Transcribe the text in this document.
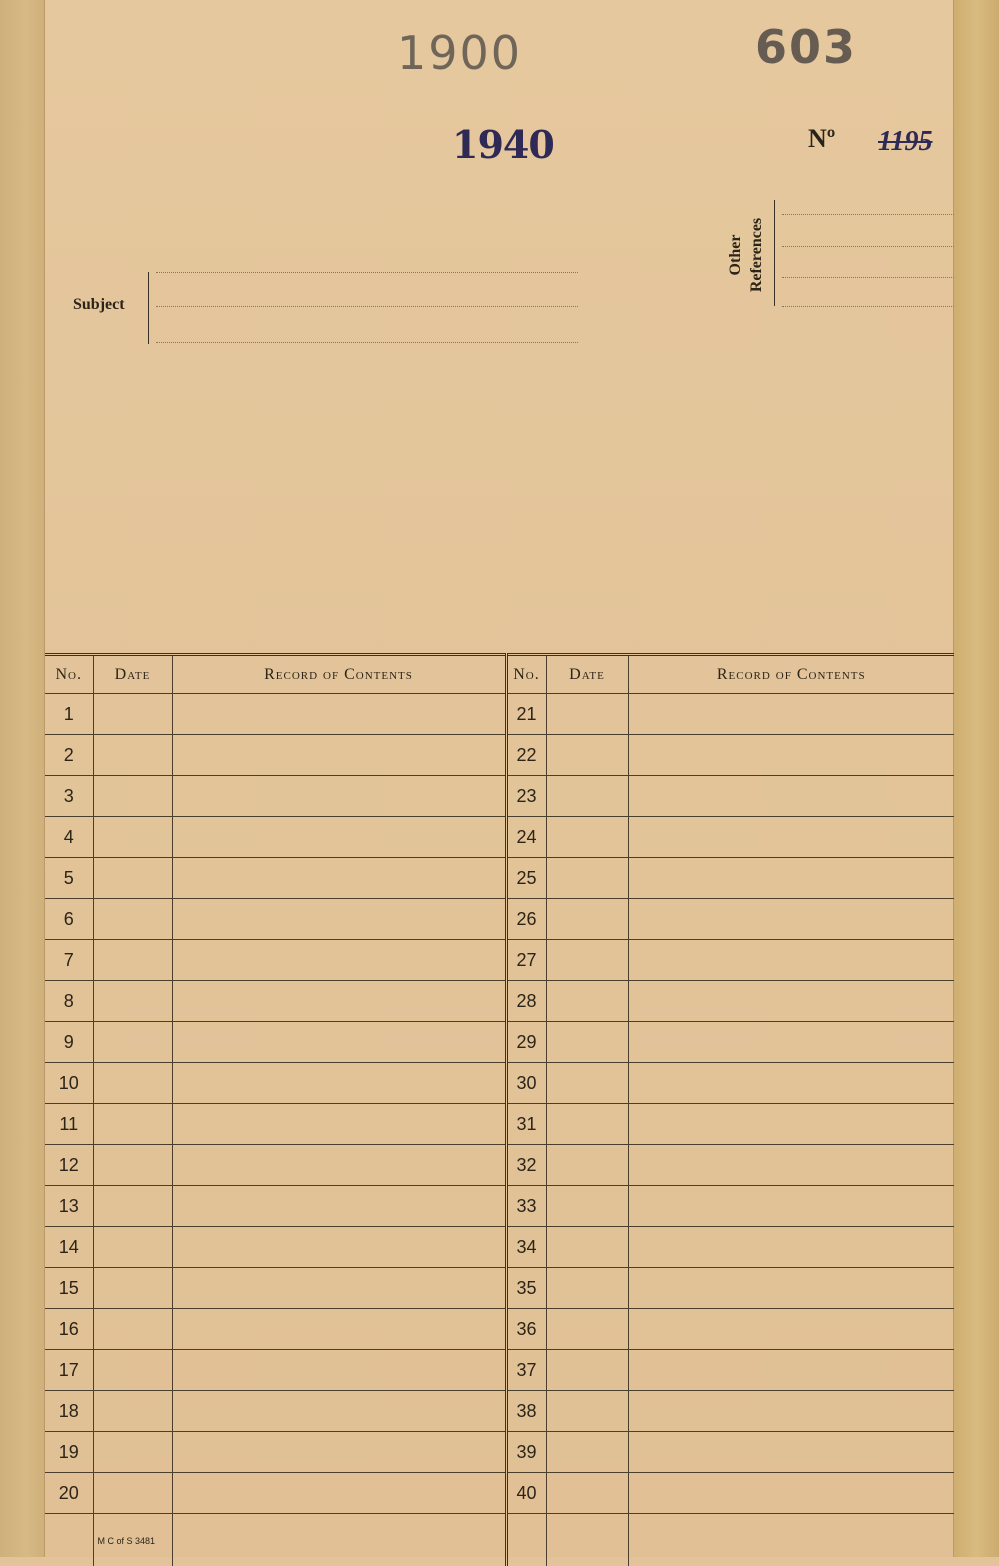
1900	603
1940	Nº 1195
Subject
Other References
No.	Date	Record of Contents	No.	Date	Record of Contents
1			21		
2			22		
3			23		
4			24		
5			25		
6			26		
7			27		
8			28		
9			29		
10			30		
11			31		
12			32		
13			33		
14			34		
15			35		
16			36		
17			37		
18			38		
19			39		
20			40		

	M C of S 3481				
